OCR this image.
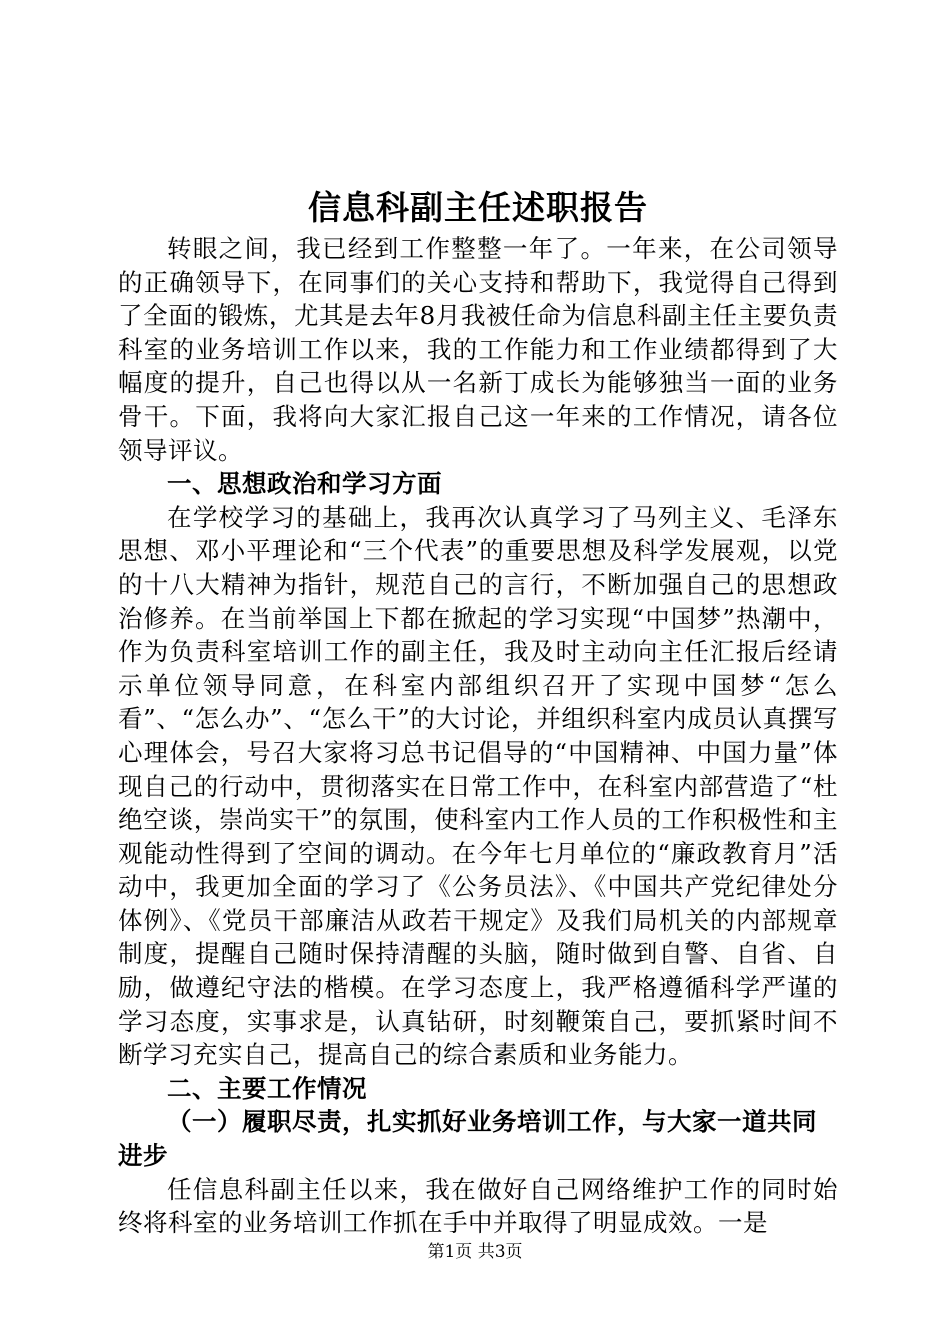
信息科副主任述职报告

转眼之间，我已经到工作整整一年了。一年来，在公司领导的正确领导下，在同事们的关心支持和帮助下，我觉得自己得到了全面的锻炼，尤其是去年8月我被任命为信息科副主任主要负责科室的业务培训工作以来，我的工作能力和工作业绩都得到了大幅度的提升，自己也得以从一名新丁成长为能够独当一面的业务骨干。下面，我将向大家汇报自己这一年来的工作情况，请各位领导评议。

一、思想政治和学习方面

在学校学习的基础上，我再次认真学习了马列主义、毛泽东思想、邓小平理论和“三个代表”的重要思想及科学发展观，以党的十八大精神为指针，规范自己的言行，不断加强自己的思想政治修养。在当前举国上下都在掀起的学习实现“中国梦”热潮中，作为负责科室培训工作的副主任，我及时主动向主任汇报后经请示单位领导同意，在科室内部组织召开了实现中国梦“怎么看”、“怎么办”、“怎么干”的大讨论，并组织科室内成员认真撰写心理体会，号召大家将习总书记倡导的“中国精神、中国力量”体现自己的行动中，贯彻落实在日常工作中，在科室内部营造了“杜绝空谈，崇尚实干”的氛围，使科室内工作人员的工作积极性和主观能动性得到了空间的调动。在今年七月单位的“廉政教育月”活动中，我更加全面的学习了《公务员法》、《中国共产党纪律处分体例》、《党员干部廉洁从政若干规定》及我们局机关的内部规章制度，提醒自己随时保持清醒的头脑，随时做到自警、自省、自励，做遵纪守法的楷模。在学习态度上，我严格遵循科学严谨的学习态度，实事求是，认真钻研，时刻鞭策自己，要抓紧时间不断学习充实自己，提高自己的综合素质和业务能力。

二、主要工作情况

（一）履职尽责，扎实抓好业务培训工作，与大家一道共同进步

任信息科副主任以来，我在做好自己网络维护工作的同时始终将科室的业务培训工作抓在手中并取得了明显成效。一是

第1页 共3页
